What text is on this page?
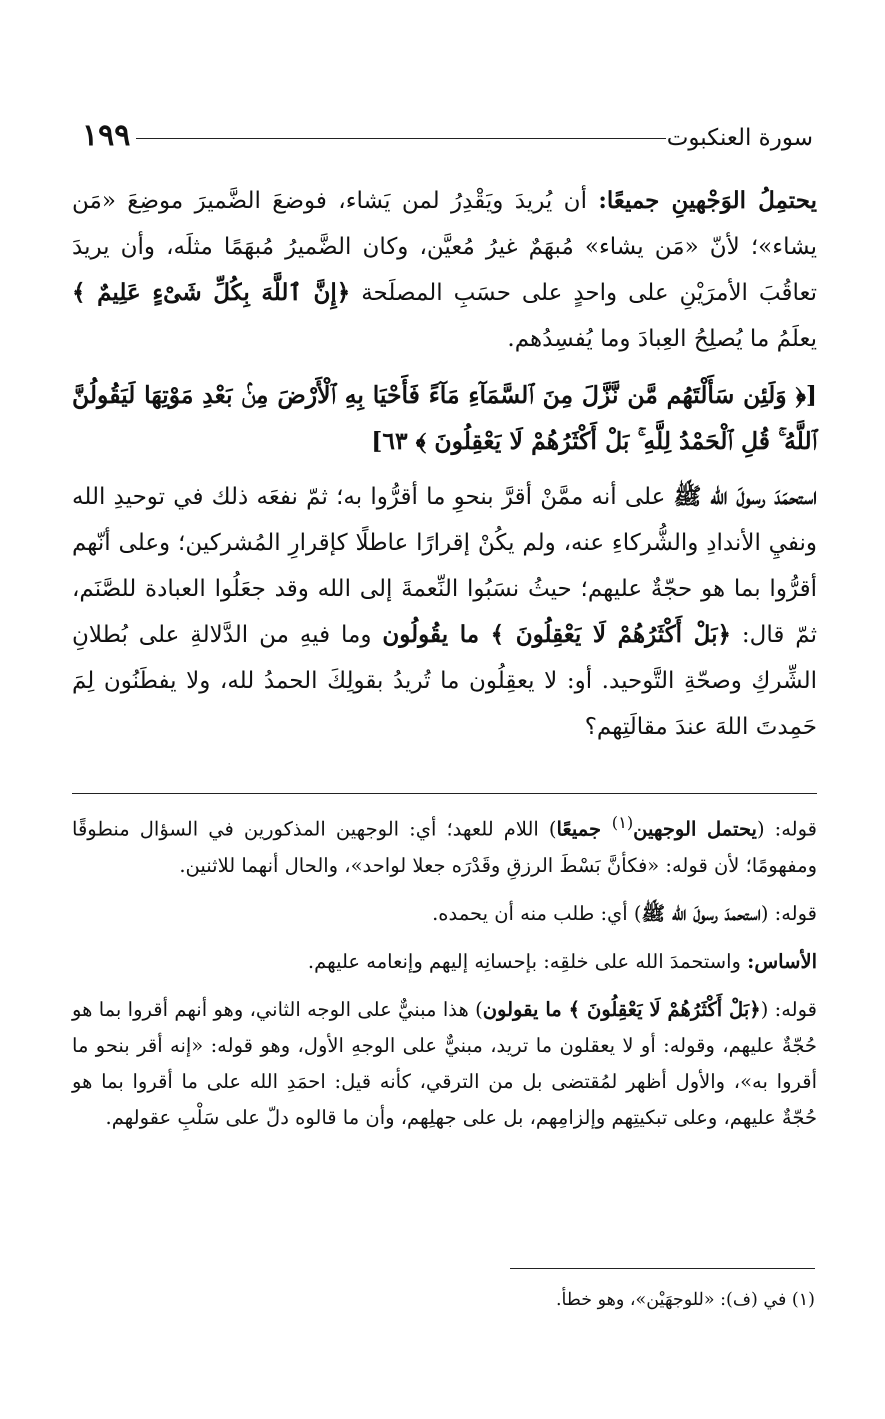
١٩٩	سورة العنكبوت

يحتمِلُ الوَجْهينِ جميعًا: أن يُريدَ ويَقْدِرُ لمن يَشاء، فوضعَ الضَّميرَ موضِعَ «مَن يشاء»؛ لأنّ «مَن يشاء» مُبهَمٌ غيرُ مُعيَّن، وكان الضَّميرُ مُبهَمًا مثلَه، وأن يريدَ تعاقُبَ الأمرَيْنِ على واحدٍ على حسَبِ المصلَحة ﴿إِنَّ ٱللَّهَ بِكُلِّ شَىْءٍ عَلِيمٌ ﴾ يعلَمُ ما يُصلِحُ العِبادَ وما يُفسِدُهم.

[﴿ وَلَئِن سَأَلْتَهُم مَّن نَّزَّلَ مِنَ ٱلسَّمَآءِ مَآءً فَأَحْيَا بِهِ ٱلْأَرْضَ مِنۢ بَعْدِ مَوْتِهَا لَيَقُولُنَّ ٱللَّهُ ۚ قُلِ ٱلْحَمْدُ لِلَّهِ ۚ بَلْ أَكْثَرُهُمْ لَا يَعْقِلُونَ ﴾ ٦٣]

استحمَدَ رسولَ الله ﷺ على أنه ممَّنْ أقرَّ بنحوِ ما أقرُّوا به؛ ثمّ نفعَه ذلك في توحيدِ الله ونفيِ الأندادِ والشُّركاءِ عنه، ولم يكُنْ إقرارًا عاطلًا كإقرارِ المُشركين؛ وعلى أنّهم أقرُّوا بما هو حجّةٌ عليهم؛ حيثُ نسَبُوا النِّعمةَ إلى الله وقد جعَلُوا العبادة للصَّنَم، ثمّ قال: ﴿بَلْ أَكْثَرُهُمْ لَا يَعْقِلُونَ ﴾ ما يقُولُون وما فيهِ من الدَّلالةِ على بُطلانِ الشِّركِ وصحّةِ التَّوحيد. أو: لا يعقِلُون ما تُريدُ بقولِكَ الحمدُ لله، ولا يفطَنُون لِمَ حَمِدتَ اللهَ عندَ مقالَتِهم؟

قوله: (يحتمل الوجهين$^{(١)}$ جميعًا) اللام للعهد؛ أي: الوجهين المذكورين في السؤال منطوقًا ومفهومًا؛ لأن قوله: «فكأنَّ بَسْطَ الرزقِ وقَدْرَه جعلا لواحد»، والحال أنهما للاثنين.

قوله: (استحمدَ رسولَ الله ﷺ) أي: طلب منه أن يحمده.

الأساس: واستحمدَ الله على خلقِه: بإحسانِه إليهم وإنعامه عليهم.

قوله: (﴿بَلْ أَكْثَرُهُمْ لَا يَعْقِلُونَ ﴾ ما يقولون) هذا مبنيٌّ على الوجه الثاني، وهو أنهم أقروا بما هو حُجّةٌ عليهم، وقوله: أو لا يعقلون ما تريد، مبنيٌّ على الوجهِ الأول، وهو قوله: «إنه أقر بنحو ما أقروا به»، والأول أظهر لمُقتضى بل من الترقي، كأنه قيل: احمَدِ الله على ما أقروا بما هو حُجّةٌ عليهم، وعلى تبكيتِهم وإلزامِهم، بل على جهلِهم، وأن ما قالوه دلّ على سَلْبِ عقولهم.

(١) في (ف): «للوجهَيْن»، وهو خطأ.
